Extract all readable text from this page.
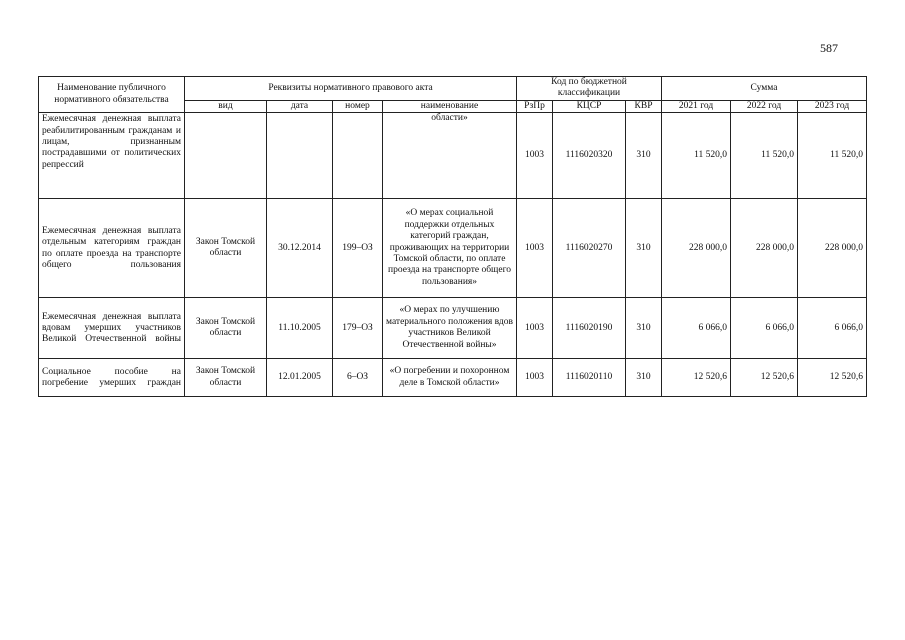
587
Наименование публичного нормативного обязательства	Реквизиты нормативного правового акта				Код по бюджетной классификации			Сумма		
	вид	дата	номер	наименование	РзПр	КЦСР	КВР	2021 год	2022 год	2023 год
Ежемесячная денежная выплата реабилитированным гражданам и лицам, признанным пострадавшими от политических репрессий				области»	1003	1116020320	310	11 520,0	11 520,0	11 520,0
Ежемесячная денежная выплата отдельным категориям граждан по оплате проезда на транспорте общего пользования	Закон Томской области	30.12.2014	199–ОЗ	«О мерах социальной поддержки отдельных категорий граждан, проживающих на территории Томской области, по оплате проезда на транспорте общего пользования»	1003	1116020270	310	228 000,0	228 000,0	228 000,0
Ежемесячная денежная выплата вдовам умерших участников Великой Отечественной войны	Закон Томской области	11.10.2005	179–ОЗ	«О мерах по улучшению материального положения вдов участников Великой Отечественной войны»	1003	1116020190	310	6 066,0	6 066,0	6 066,0
Социальное пособие на погребение умерших граждан	Закон Томской области	12.01.2005	6–ОЗ	«О погребении и похоронном деле в Томской области»	1003	1116020110	310	12 520,6	12 520,6	12 520,6
